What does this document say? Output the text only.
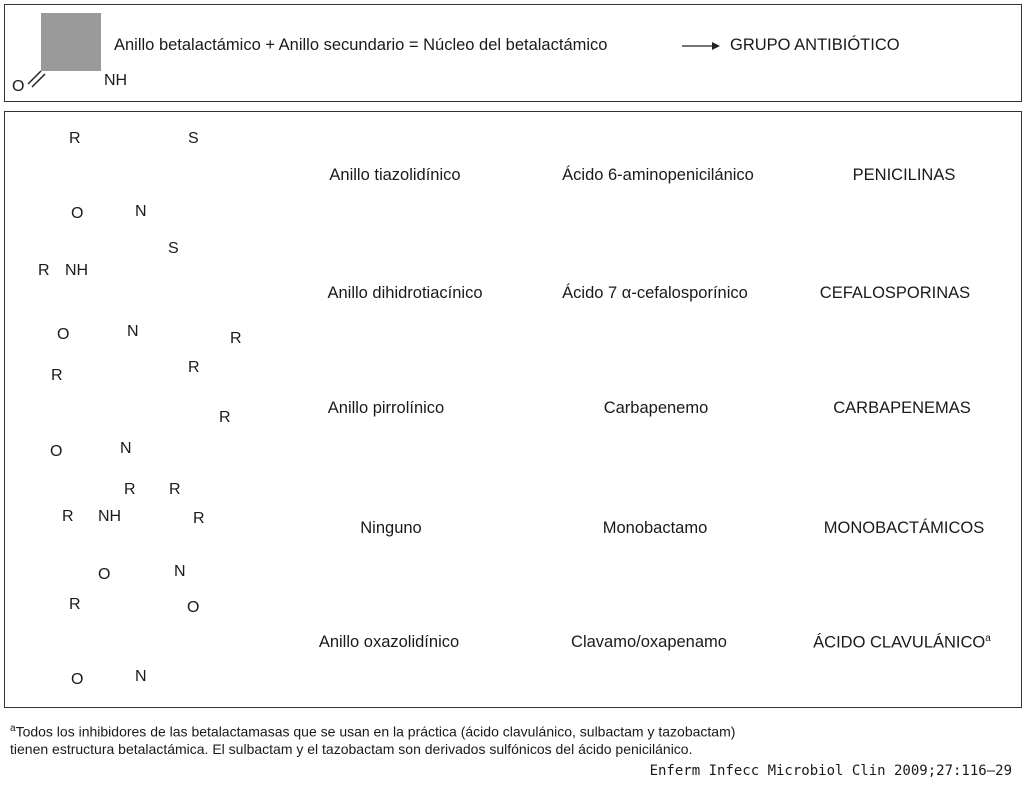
O	NH
Anillo betalactámico + Anillo secundario = Núcleo del betalactámico	GRUPO ANTIBIÓTICO
R	S
O	N
Anillo tiazolidínico	Ácido 6-aminopenicilánico	PENICILINAS
R NH
S
O	N	R
Anillo dihidrotiacínico	Ácido 7 α-cefalosporínico	CEFALOSPORINAS
R	R
R
O	N
Anillo pirrolínico	Carbapenemo	CARBAPENEMAS
R NH
R R
R
O	N
Ninguno	Monobactamo	MONOBACTÁMICOS
R	O
O	N
Anillo oxazolidínico	Clavamo/oxapenamo	ÁCIDO CLAVULÁNICO$^a$
$^a$Todos los inhibidores de las betalactamasas que se usan en la práctica (ácido clavulánico, sulbactam y tazobactam)
tienen estructura betalactámica. El sulbactam y el tazobactam son derivados sulfónicos del ácido penicilánico.
Enferm Infecc Microbiol Clin 2009;27:116–29
